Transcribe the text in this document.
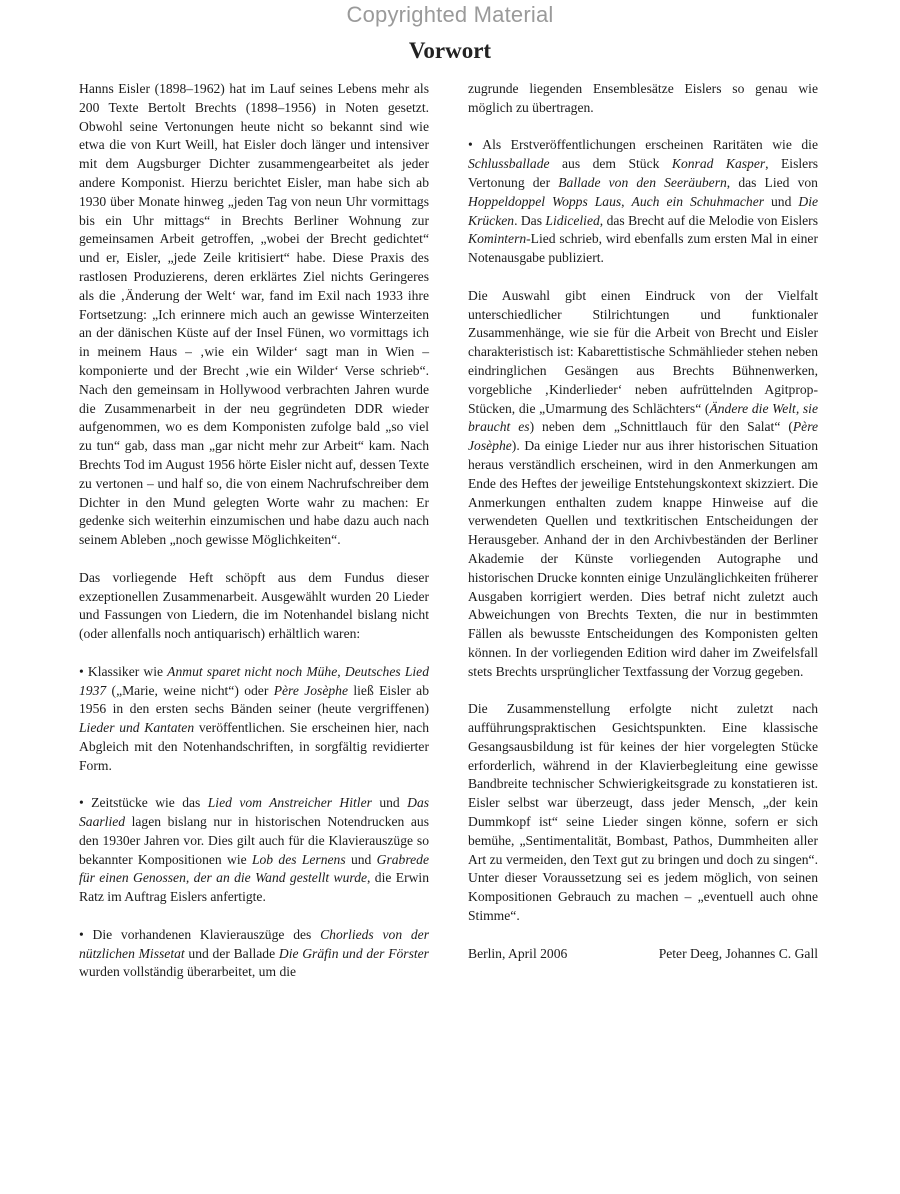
Copyrighted Material
Vorwort

Hanns Eisler (1898–1962) hat im Lauf seines Lebens mehr als 200 Texte Bertolt Brechts (1898–1956) in Noten gesetzt. Obwohl seine Vertonungen heute nicht so bekannt sind wie etwa die von Kurt Weill, hat Eisler doch länger und intensiver mit dem Augsburger Dichter zusammengearbeitet als jeder andere Komponist. Hierzu berichtet Eisler, man habe sich ab 1930 über Monate hinweg „jeden Tag von neun Uhr vormittags bis ein Uhr mittags“ in Brechts Berliner Wohnung zur gemeinsamen Arbeit getroffen, „wobei der Brecht gedichtet“ und er, Eisler, „jede Zeile kritisiert“ habe. Diese Praxis des rastlosen Produzierens, deren erklärtes Ziel nichts Geringeres als die ‚Änderung der Welt‘ war, fand im Exil nach 1933 ihre Fortsetzung: „Ich erinnere mich auch an gewisse Winterzeiten an der dänischen Küste auf der Insel Fünen, wo vormittags ich in meinem Haus – ‚wie ein Wilder‘ sagt man in Wien – komponierte und der Brecht ‚wie ein Wilder‘ Verse schrieb“. Nach den gemeinsam in Hollywood verbrachten Jahren wurde die Zusammenarbeit in der neu gegründeten DDR wieder aufgenommen, wo es dem Komponisten zufolge bald „so viel zu tun“ gab, dass man „gar nicht mehr zur Arbeit“ kam. Nach Brechts Tod im August 1956 hörte Eisler nicht auf, dessen Texte zu vertonen – und half so, die von einem Nachrufschreiber dem Dichter in den Mund gelegten Worte wahr zu machen: Er gedenke sich weiterhin einzumischen und habe dazu auch nach seinem Ableben „noch gewisse Möglichkeiten“.

Das vorliegende Heft schöpft aus dem Fundus dieser exzeptionellen Zusammenarbeit. Ausgewählt wurden 20 Lieder und Fassungen von Liedern, die im Notenhandel bislang nicht (oder allenfalls noch antiquarisch) erhältlich waren:

• Klassiker wie Anmut sparet nicht noch Mühe, Deutsches Lied 1937 („Marie, weine nicht“) oder Père Josèphe ließ Eisler ab 1956 in den ersten sechs Bänden seiner (heute vergriffenen) Lieder und Kantaten veröffentlichen. Sie erscheinen hier, nach Abgleich mit den Notenhandschriften, in sorgfältig revidierter Form.

• Zeitstücke wie das Lied vom Anstreicher Hitler und Das Saarlied lagen bislang nur in historischen Notendrucken aus den 1930er Jahren vor. Dies gilt auch für die Klavierauszüge so bekannter Kompositionen wie Lob des Lernens und Grabrede für einen Genossen, der an die Wand gestellt wurde, die Erwin Ratz im Auftrag Eislers anfertigte.

• Die vorhandenen Klavierauszüge des Chorlieds von der nützlichen Missetat und der Ballade Die Gräfin und der Förster wurden vollständig überarbeitet, um die

zugrunde liegenden Ensemblesätze Eislers so genau wie möglich zu übertragen.

• Als Erstveröffentlichungen erscheinen Raritäten wie die Schlussballade aus dem Stück Konrad Kasper, Eislers Vertonung der Ballade von den Seeräubern, das Lied von Hoppeldoppel Wopps Laus, Auch ein Schuhmacher und Die Krücken. Das Lidicelied, das Brecht auf die Melodie von Eislers Komintern-Lied schrieb, wird ebenfalls zum ersten Mal in einer Notenausgabe publiziert.

Die Auswahl gibt einen Eindruck von der Vielfalt unterschiedlicher Stilrichtungen und funktionaler Zusammenhänge, wie sie für die Arbeit von Brecht und Eisler charakteristisch ist: Kabarettistische Schmählieder stehen neben eindringlichen Gesängen aus Brechts Bühnenwerken, vorgebliche ‚Kinderlieder‘ neben aufrüttelnden Agitprop-Stücken, die „Umarmung des Schlächters“ (Ändere die Welt, sie braucht es) neben dem „Schnittlauch für den Salat“ (Père Josèphe). Da einige Lieder nur aus ihrer historischen Situation heraus verständlich erscheinen, wird in den Anmerkungen am Ende des Heftes der jeweilige Entstehungskontext skizziert. Die Anmerkungen enthalten zudem knappe Hinweise auf die verwendeten Quellen und textkritischen Entscheidungen der Herausgeber. Anhand der in den Archivbeständen der Berliner Akademie der Künste vorliegenden Autographe und historischen Drucke konnten einige Unzulänglichkeiten früherer Ausgaben korrigiert werden. Dies betraf nicht zuletzt auch Abweichungen von Brechts Texten, die nur in bestimmten Fällen als bewusste Entscheidungen des Komponisten gelten können. In der vorliegenden Edition wird daher im Zweifelsfall stets Brechts ursprünglicher Textfassung der Vorzug gegeben.

Die Zusammenstellung erfolgte nicht zuletzt nach aufführungspraktischen Gesichtspunkten. Eine klassische Gesangsausbildung ist für keines der hier vorgelegten Stücke erforderlich, während in der Klavierbegleitung eine gewisse Bandbreite technischer Schwierigkeitsgrade zu konstatieren ist. Eisler selbst war überzeugt, dass jeder Mensch, „der kein Dummkopf ist“ seine Lieder singen könne, sofern er sich bemühe, „Sentimentalität, Bombast, Pathos, Dummheiten aller Art zu vermeiden, den Text gut zu bringen und doch zu singen“. Unter dieser Voraussetzung sei es jedem möglich, von seinen Kompositionen Gebrauch zu machen – „eventuell auch ohne Stimme“.

Berlin, April 2006	Peter Deeg, Johannes C. Gall
